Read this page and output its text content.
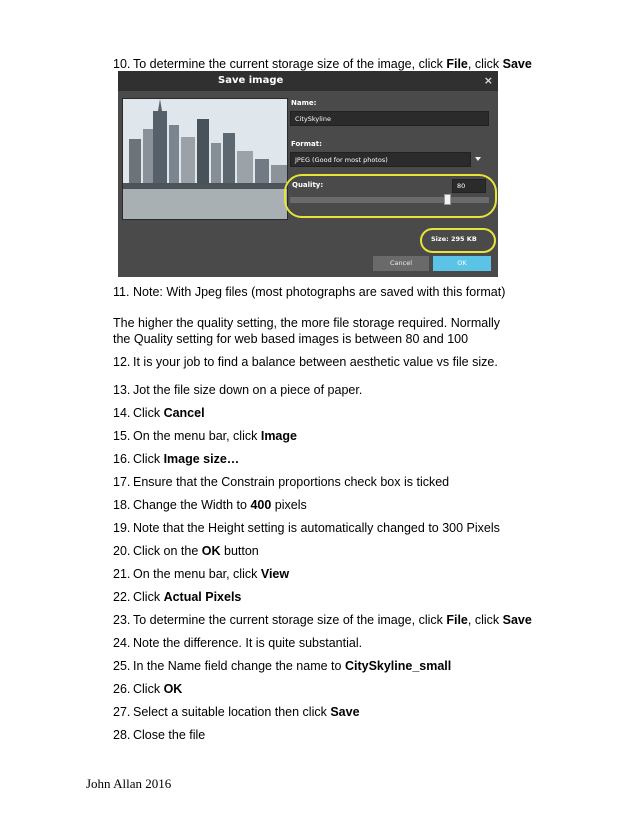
10. To determine the current storage size of the image, click File, click Save
Save image	×
Name:
CitySkyline
Format:
JPEG (Good for most photos)
Quality:	80
Size: 295 KB
Cancel	OK
11. Note: With Jpeg files (most photographs are saved with this format)
The higher the quality setting, the more file storage required. Normally
the Quality setting for web based images is between 80 and 100
12. It is your job to find a balance between aesthetic value vs file size.
13. Jot the file size down on a piece of paper.
14. Click Cancel
15. On the menu bar, click Image
16. Click Image size…
17. Ensure that the Constrain proportions check box is ticked
18. Change the Width to 400 pixels
19. Note that the Height setting is automatically changed to 300 Pixels
20. Click on the OK button
21. On the menu bar, click View
22. Click Actual Pixels
23. To determine the current storage size of the image, click File, click Save
24. Note the difference. It is quite substantial.
25. In the Name field change the name to CitySkyline_small
26. Click OK
27. Select a suitable location then click Save
28. Close the file
John Allan 2016
